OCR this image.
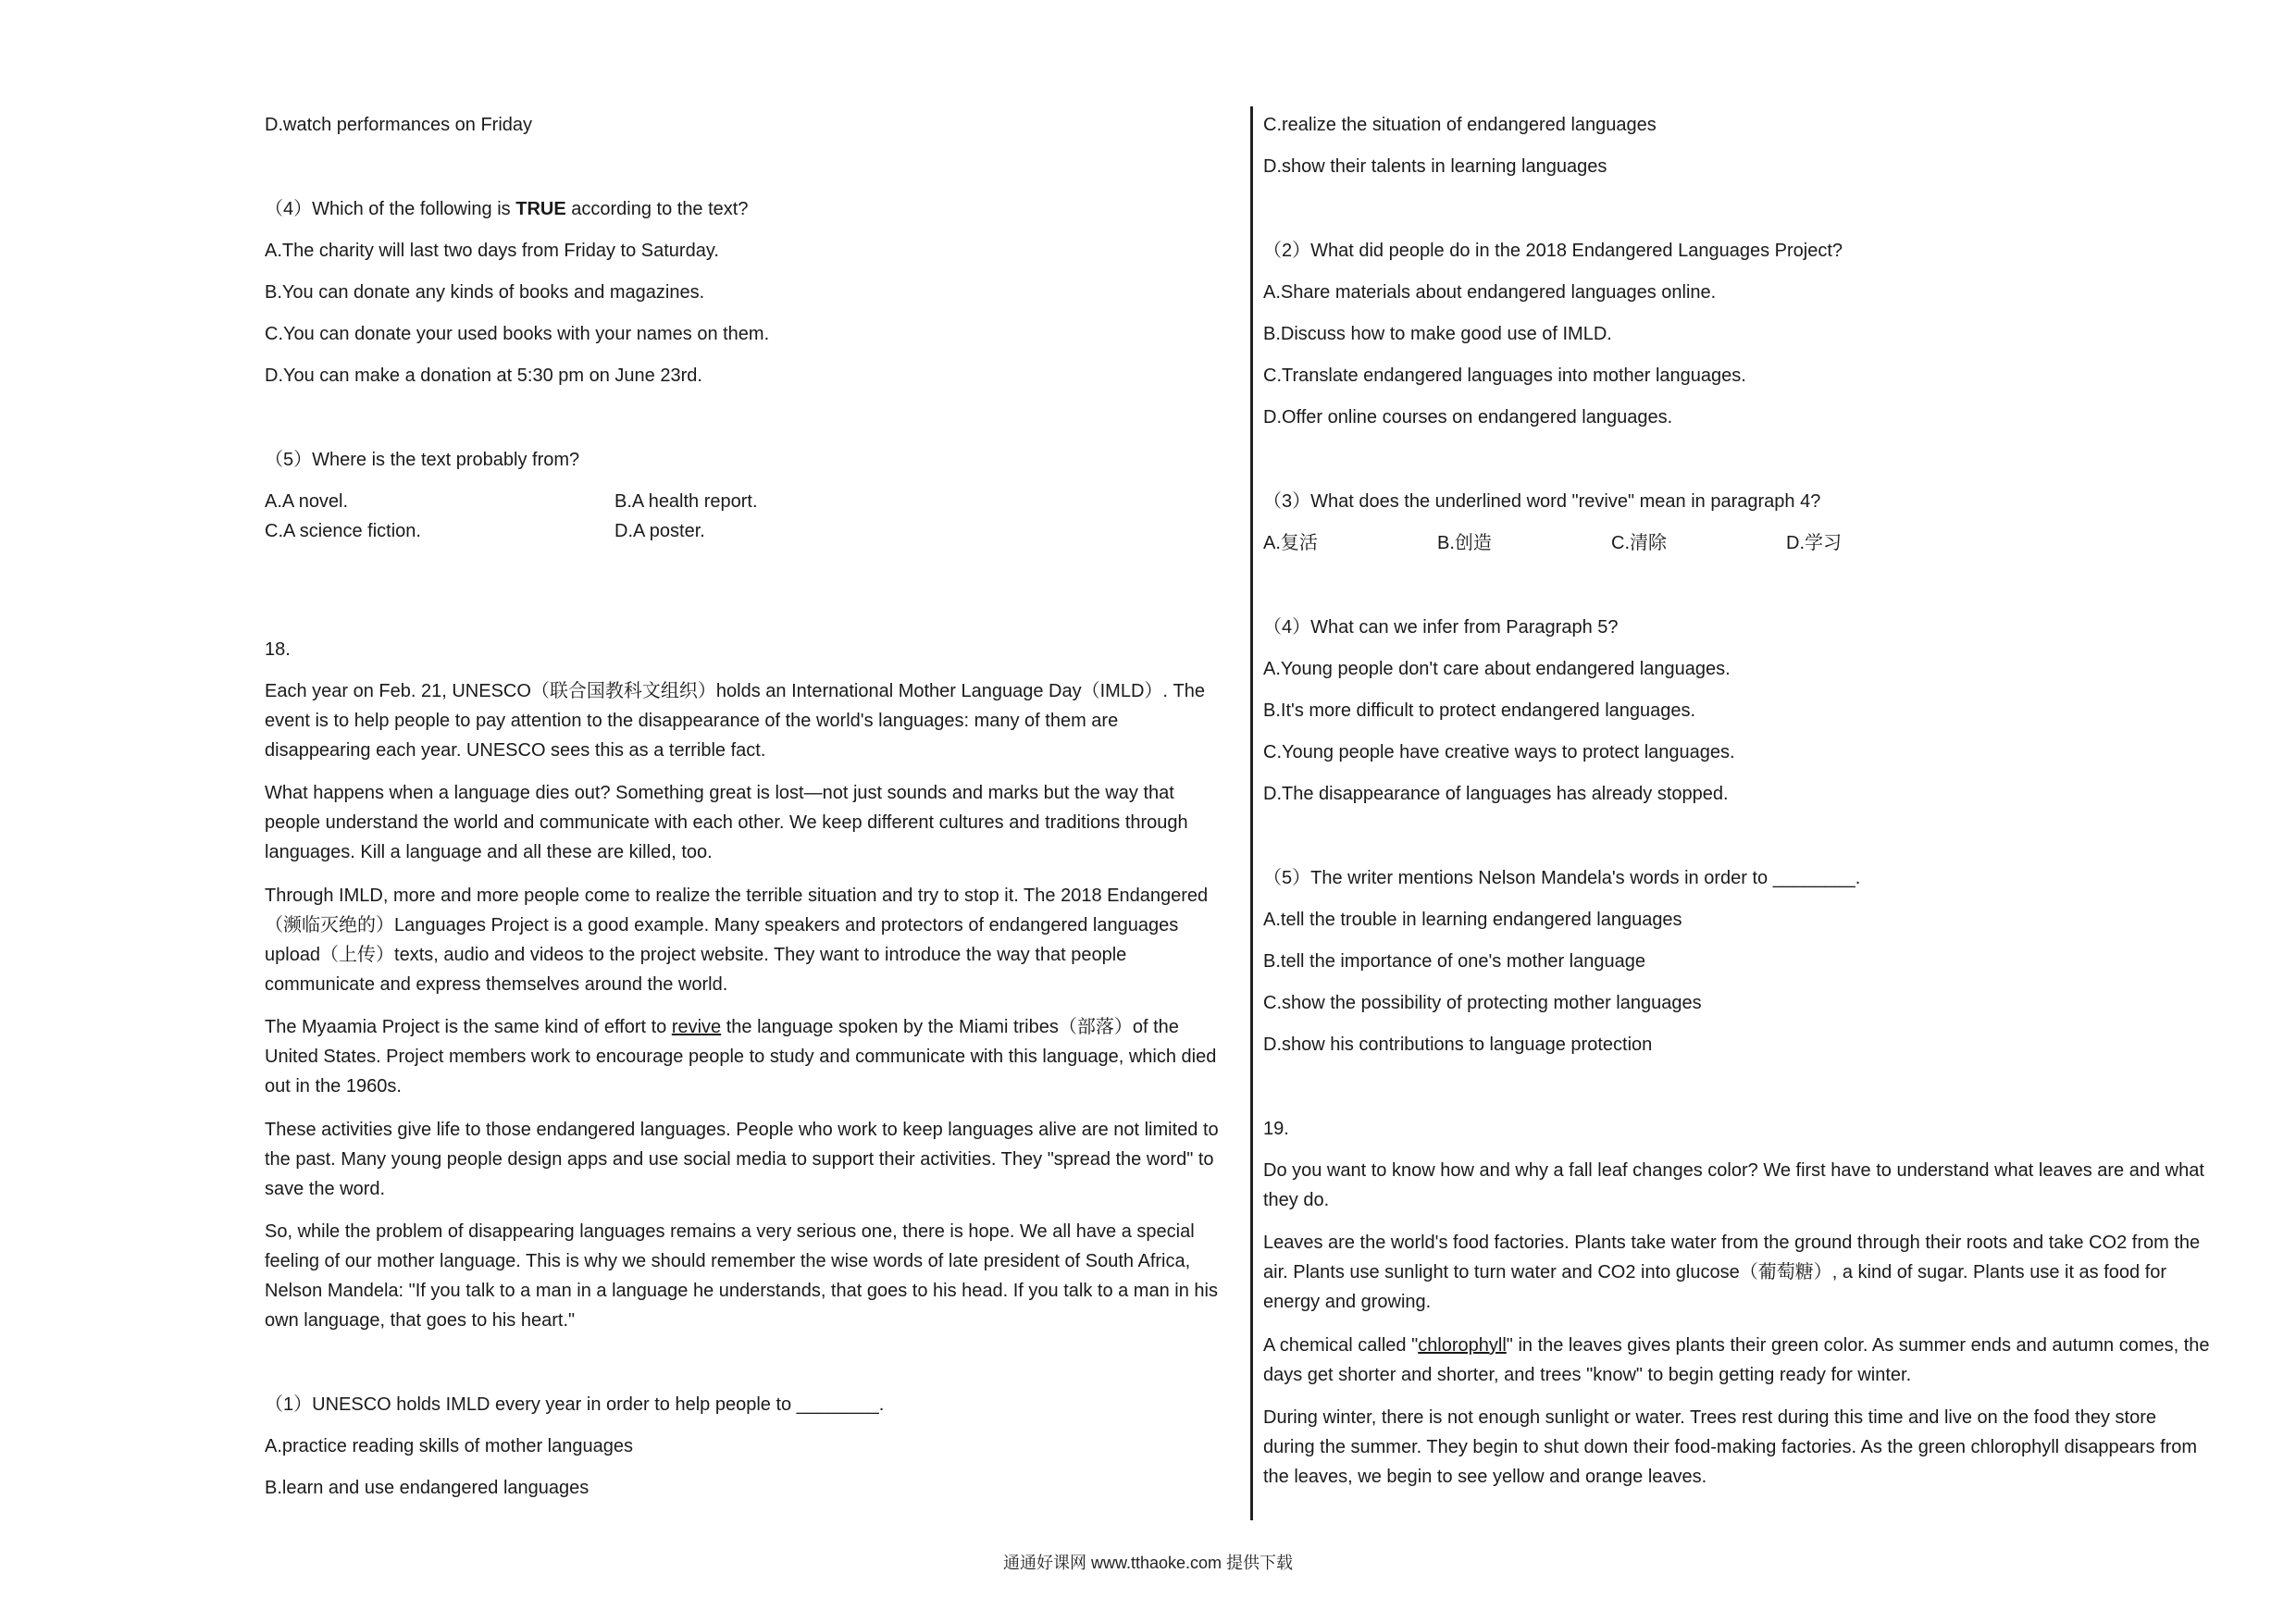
D.watch performances on Friday
（4）Which of the following is TRUE according to the text?
A.The charity will last two days from Friday to Saturday.
B.You can donate any kinds of books and magazines.
C.You can donate your used books with your names on them.
D.You can make a donation at 5:30 pm on June 23rd.
（5）Where is the text probably from?
A.A novel.	B.A health report.
C.A science fiction.	D.A poster.
18.
Each year on Feb. 21, UNESCO（联合国教科文组织）holds an International Mother Language Day（IMLD）. The
event is to help people to pay attention to the disappearance of the world's languages: many of them are
disappearing each year. UNESCO sees this as a terrible fact.
What happens when a language dies out? Something great is lost—not just sounds and marks but the way that
people understand the world and communicate with each other. We keep different cultures and traditions through
languages. Kill a language and all these are killed, too.
Through IMLD, more and more people come to realize the terrible situation and try to stop it. The 2018 Endangered
（濒临灭绝的）Languages Project is a good example. Many speakers and protectors of endangered languages
upload（上传）texts, audio and videos to the project website. They want to introduce the way that people
communicate and express themselves around the world.
The Myaamia Project is the same kind of effort to revive the language spoken by the Miami tribes（部落）of the
United States. Project members work to encourage people to study and communicate with this language, which died
out in the 1960s.
These activities give life to those endangered languages. People who work to keep languages alive are not limited to
the past. Many young people design apps and use social media to support their activities. They "spread the word" to
save the word.
So, while the problem of disappearing languages remains a very serious one, there is hope. We all have a special
feeling of our mother language. This is why we should remember the wise words of late president of South Africa,
Nelson Mandela: "If you talk to a man in a language he understands, that goes to his head. If you talk to a man in his
own language, that goes to his heart."
（1）UNESCO holds IMLD every year in order to help people to ________.
A.practice reading skills of mother languages
B.learn and use endangered languages
C.realize the situation of endangered languages
D.show their talents in learning languages
（2）What did people do in the 2018 Endangered Languages Project?
A.Share materials about endangered languages online.
B.Discuss how to make good use of IMLD.
C.Translate endangered languages into mother languages.
D.Offer online courses on endangered languages.
（3）What does the underlined word "revive" mean in paragraph 4?
A.复活	B.创造	C.清除	D.学习
（4）What can we infer from Paragraph 5?
A.Young people don't care about endangered languages.
B.It's more difficult to protect endangered languages.
C.Young people have creative ways to protect languages.
D.The disappearance of languages has already stopped.
（5）The writer mentions Nelson Mandela's words in order to ________.
A.tell the trouble in learning endangered languages
B.tell the importance of one's mother language
C.show the possibility of protecting mother languages
D.show his contributions to language protection
19.
Do you want to know how and why a fall leaf changes color? We first have to understand what leaves are and what
they do.
Leaves are the world's food factories. Plants take water from the ground through their roots and take CO2 from the
air. Plants use sunlight to turn water and CO2 into glucose（葡萄糖）, a kind of sugar. Plants use it as food for
energy and growing.
A chemical called "chlorophyll" in the leaves gives plants their green color. As summer ends and autumn comes, the
days get shorter and shorter, and trees "know" to begin getting ready for winter.
During winter, there is not enough sunlight or water. Trees rest during this time and live on the food they store
during the summer. They begin to shut down their food-making factories. As the green chlorophyll disappears from
the leaves, we begin to see yellow and orange leaves.
通通好课网 www.tthaoke.com 提供下载
